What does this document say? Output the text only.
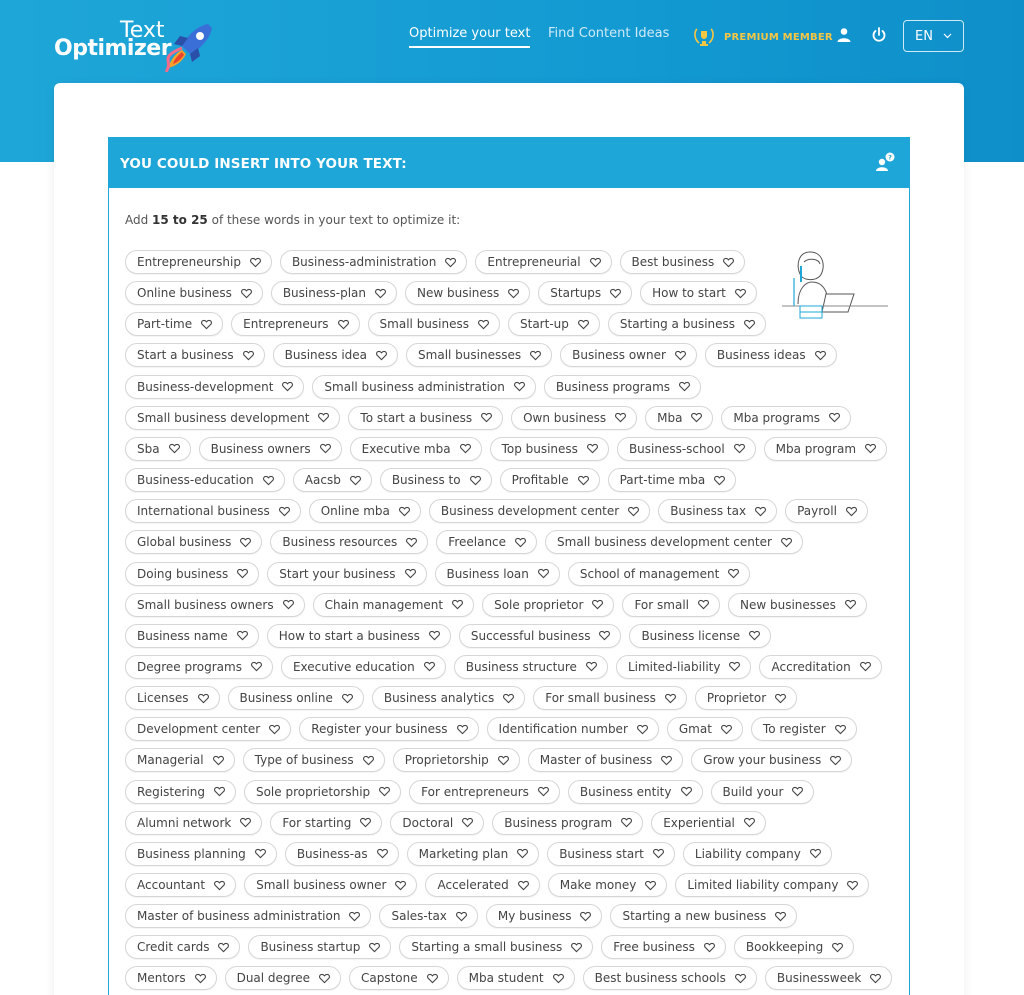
Text
Optimizer
Optimize your text Find Content Ideas	PREMIUM MEMBER	EN
YOU COULD INSERT INTO YOUR TEXT:	?
Add 15 to 25 of these words in your text to optimize it:
Entrepreneurship	Business-administration	Entrepreneurial	Best business
Online business	Business-plan	New business	Startups	How to start
Part-time	Entrepreneurs	Small business	Start-up	Starting a business
Start a business	Business idea	Small businesses	Business owner	Business ideas
Business-development	Small business administration	Business programs
Small business development	To start a business	Own business	Mba	Mba programs
Sba	Business owners	Executive mba	Top business	Business-school	Mba program
Business-education	Aacsb	Business to	Profitable	Part-time mba
International business	Online mba	Business development center	Business tax	Payroll
Global business	Business resources	Freelance	Small business development center
Doing business	Start your business	Business loan	School of management
Small business owners	Chain management	Sole proprietor	For small	New businesses
Business name	How to start a business	Successful business	Business license
Degree programs	Executive education	Business structure	Limited-liability	Accreditation
Licenses	Business online	Business analytics	For small business	Proprietor
Development center	Register your business	Identification number	Gmat	To register
Managerial	Type of business	Proprietorship	Master of business	Grow your business
Registering	Sole proprietorship	For entrepreneurs	Business entity	Build your
Alumni network	For starting	Doctoral	Business program	Experiential
Business planning	Business-as	Marketing plan	Business start	Liability company
Accountant	Small business owner	Accelerated	Make money	Limited liability company
Master of business administration	Sales-tax	My business	Starting a new business
Credit cards	Business startup	Starting a small business	Free business	Bookkeeping
Mentors	Dual degree	Capstone	Mba student	Best business schools	Businessweek
